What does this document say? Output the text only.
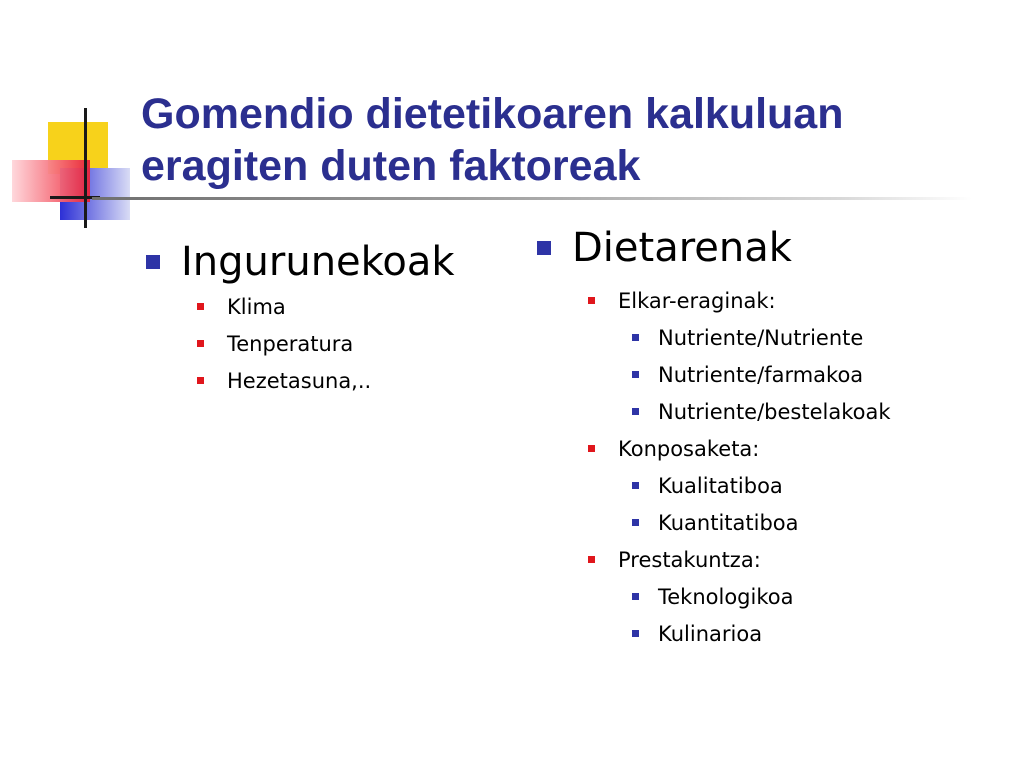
Gomendio dietetikoaren kalkuluan
eragiten duten faktoreak
Ingurunekoak
Klima
Tenperatura
Hezetasuna,..
Dietarenak
Elkar-eraginak:
Nutriente/Nutriente
Nutriente/farmakoa
Nutriente/bestelakoak
Konposaketa:
Kualitatiboa
Kuantitatiboa
Prestakuntza:
Teknologikoa
Kulinarioa
